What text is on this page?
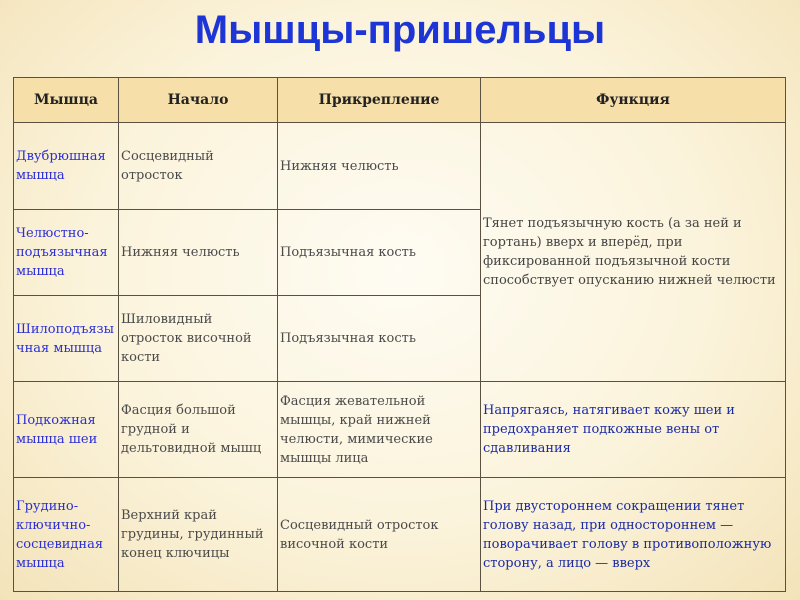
Мышцы-пришельцы
Мышца	Начало	Прикрепление	Функция
Двубрюшная мышца	Сосцевидный отросток	Нижняя челюсть	Тянет подъязычную кость (а за ней и гортань) вверх и вперёд, при фиксированной подъязычной кости способствует опусканию нижней челюсти
Челюстно-подъязычная мышца	Нижняя челюсть	Подъязычная кость	
Шилоподъязычная мышца	Шиловидный отросток височной кости	Подъязычная кость	
Подкожная мышца шеи	Фасция большой грудной и дельтовидной мышц	Фасция жевательной мышцы, край нижней челюсти, мимические мышцы лица	Напрягаясь, натягивает кожу шеи и предохраняет подкожные вены от сдавливания
Грудино-ключично-сосцевидная мышца	Верхний край грудины, грудинный конец ключицы	Сосцевидный отросток височной кости	При двустороннем сокращении тянет голову назад, при одностороннем — поворачивает голову в противоположную сторону, а лицо — вверх
